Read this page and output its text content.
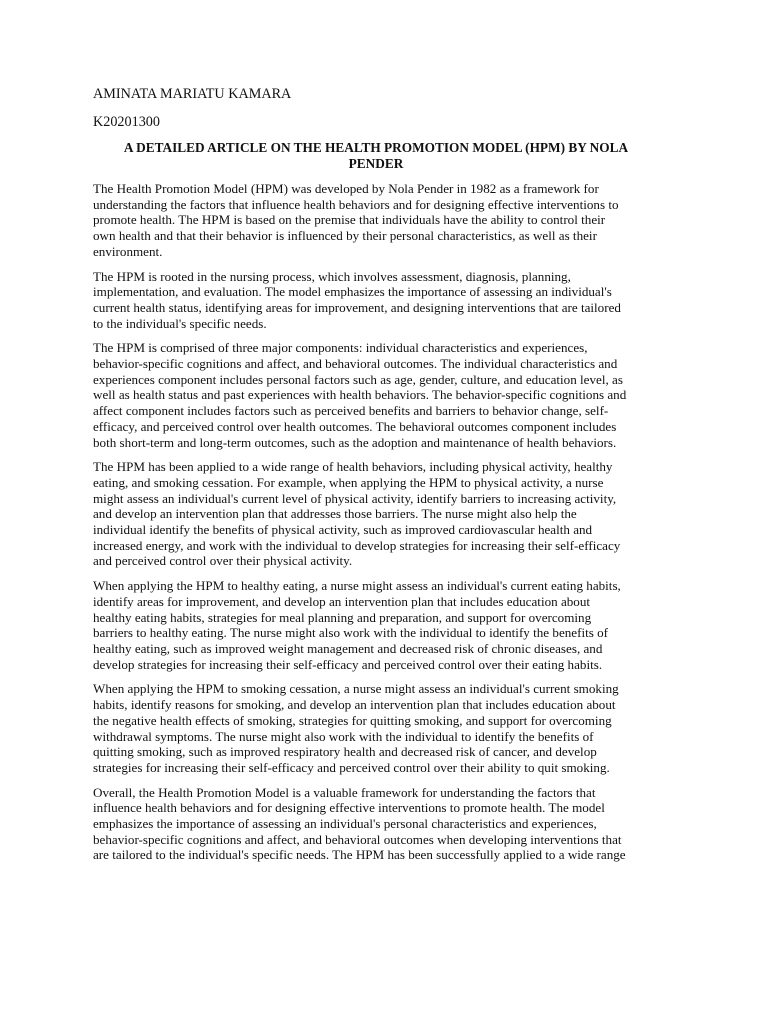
AMINATA MARIATU KAMARA

K20201300

A DETAILED ARTICLE ON THE HEALTH PROMOTION MODEL (HPM) BY NOLA
PENDER

The Health Promotion Model (HPM) was developed by Nola Pender in 1982 as a framework for
understanding the factors that influence health behaviors and for designing effective interventions to
promote health. The HPM is based on the premise that individuals have the ability to control their
own health and that their behavior is influenced by their personal characteristics, as well as their
environment.

The HPM is rooted in the nursing process, which involves assessment, diagnosis, planning,
implementation, and evaluation. The model emphasizes the importance of assessing an individual's
current health status, identifying areas for improvement, and designing interventions that are tailored
to the individual's specific needs.

The HPM is comprised of three major components: individual characteristics and experiences,
behavior-specific cognitions and affect, and behavioral outcomes. The individual characteristics and
experiences component includes personal factors such as age, gender, culture, and education level, as
well as health status and past experiences with health behaviors. The behavior-specific cognitions and
affect component includes factors such as perceived benefits and barriers to behavior change, self-
efficacy, and perceived control over health outcomes. The behavioral outcomes component includes
both short-term and long-term outcomes, such as the adoption and maintenance of health behaviors.

The HPM has been applied to a wide range of health behaviors, including physical activity, healthy
eating, and smoking cessation. For example, when applying the HPM to physical activity, a nurse
might assess an individual's current level of physical activity, identify barriers to increasing activity,
and develop an intervention plan that addresses those barriers. The nurse might also help the
individual identify the benefits of physical activity, such as improved cardiovascular health and
increased energy, and work with the individual to develop strategies for increasing their self-efficacy
and perceived control over their physical activity.

When applying the HPM to healthy eating, a nurse might assess an individual's current eating habits,
identify areas for improvement, and develop an intervention plan that includes education about
healthy eating habits, strategies for meal planning and preparation, and support for overcoming
barriers to healthy eating. The nurse might also work with the individual to identify the benefits of
healthy eating, such as improved weight management and decreased risk of chronic diseases, and
develop strategies for increasing their self-efficacy and perceived control over their eating habits.

When applying the HPM to smoking cessation, a nurse might assess an individual's current smoking
habits, identify reasons for smoking, and develop an intervention plan that includes education about
the negative health effects of smoking, strategies for quitting smoking, and support for overcoming
withdrawal symptoms. The nurse might also work with the individual to identify the benefits of
quitting smoking, such as improved respiratory health and decreased risk of cancer, and develop
strategies for increasing their self-efficacy and perceived control over their ability to quit smoking.

Overall, the Health Promotion Model is a valuable framework for understanding the factors that
influence health behaviors and for designing effective interventions to promote health. The model
emphasizes the importance of assessing an individual's personal characteristics and experiences,
behavior-specific cognitions and affect, and behavioral outcomes when developing interventions that
are tailored to the individual's specific needs. The HPM has been successfully applied to a wide range
